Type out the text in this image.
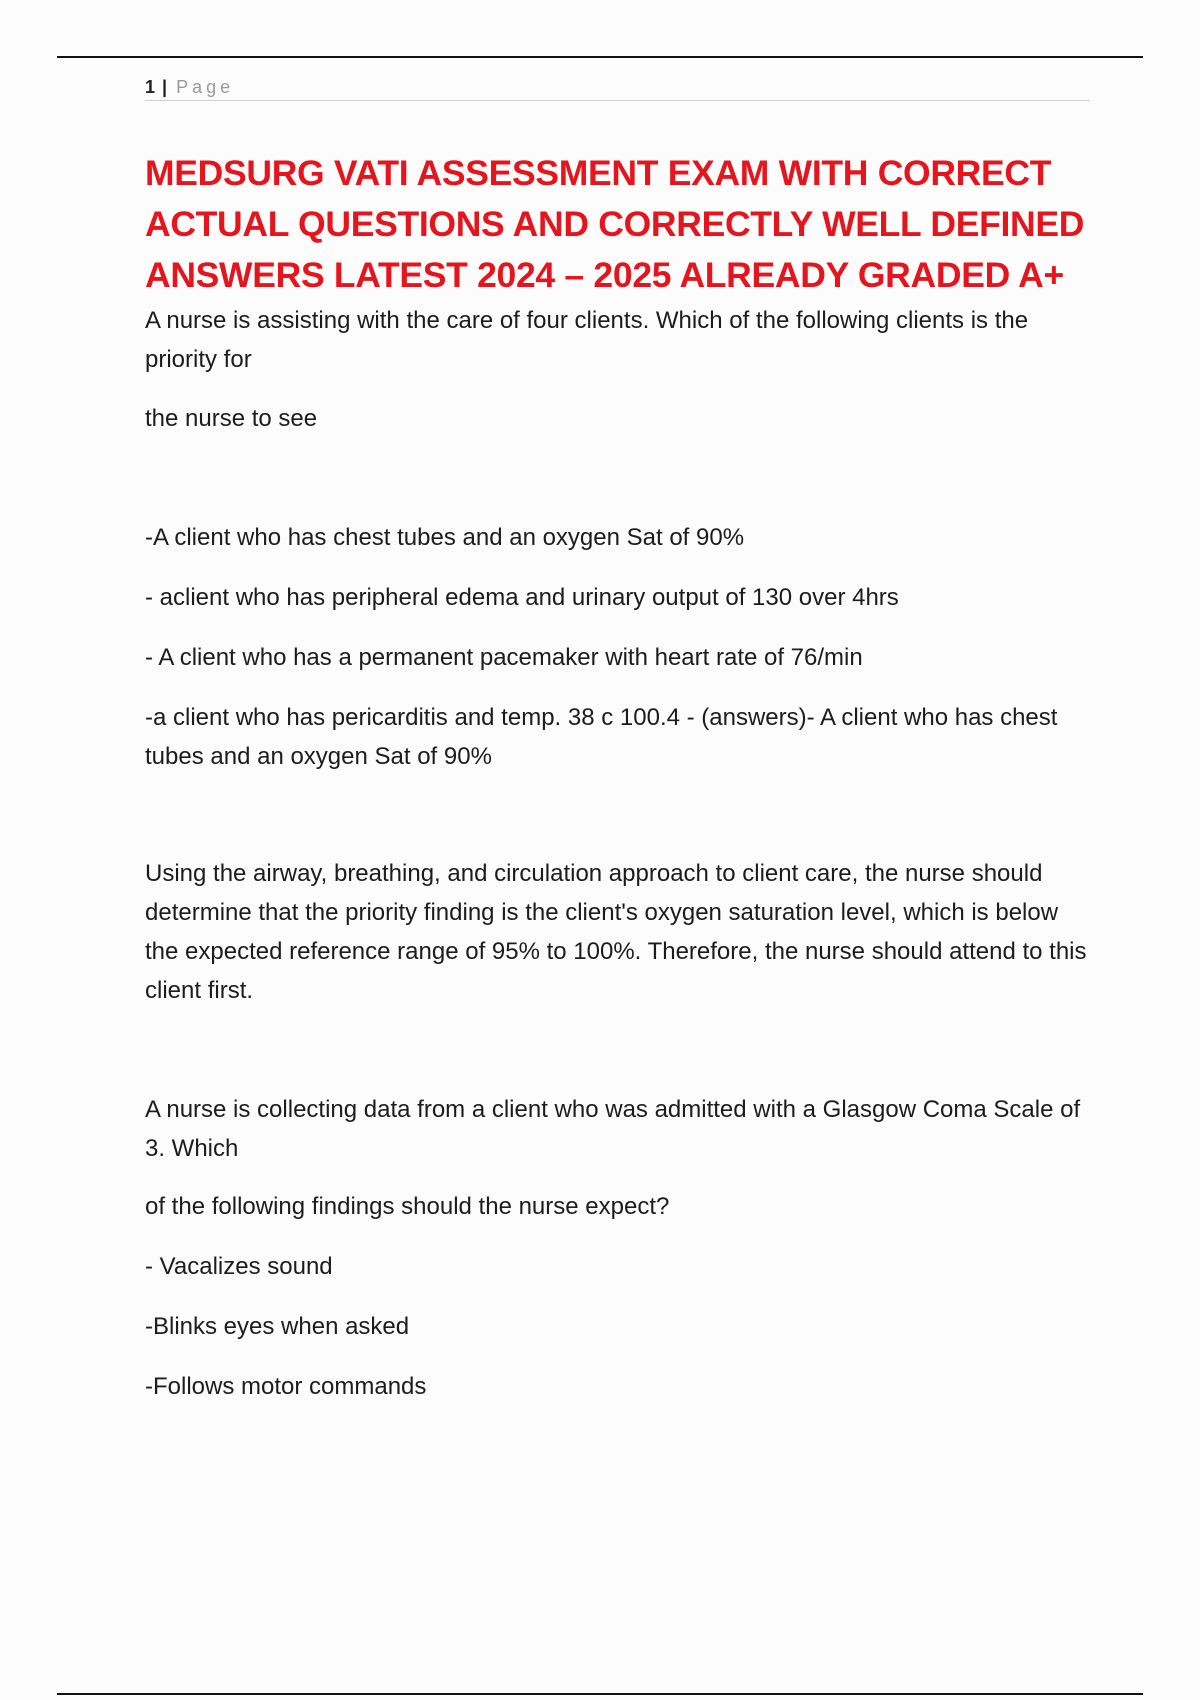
1 | Page
MEDSURG VATI ASSESSMENT EXAM WITH CORRECT
ACTUAL QUESTIONS AND CORRECTLY WELL DEFINED
ANSWERS LATEST 2024 – 2025 ALREADY GRADED A+

A nurse is assisting with the care of four clients. Which of the following clients is the priority for

the nurse to see

-A client who has chest tubes and an oxygen Sat of 90%

- aclient who has peripheral edema and urinary output of 130 over 4hrs

- A client who has a permanent pacemaker with heart rate of 76/min

-a client who has pericarditis and temp. 38 c 100.4 - (answers)- A client who has chest tubes and an oxygen Sat of 90%

Using the airway, breathing, and circulation approach to client care, the nurse should determine that the priority finding is the client's oxygen saturation level, which is below the expected reference range of 95% to 100%. Therefore, the nurse should attend to this client first.

A nurse is collecting data from a client who was admitted with a Glasgow Coma Scale of 3. Which

of the following findings should the nurse expect?

- Vacalizes sound

-Blinks eyes when asked

-Follows motor commands
